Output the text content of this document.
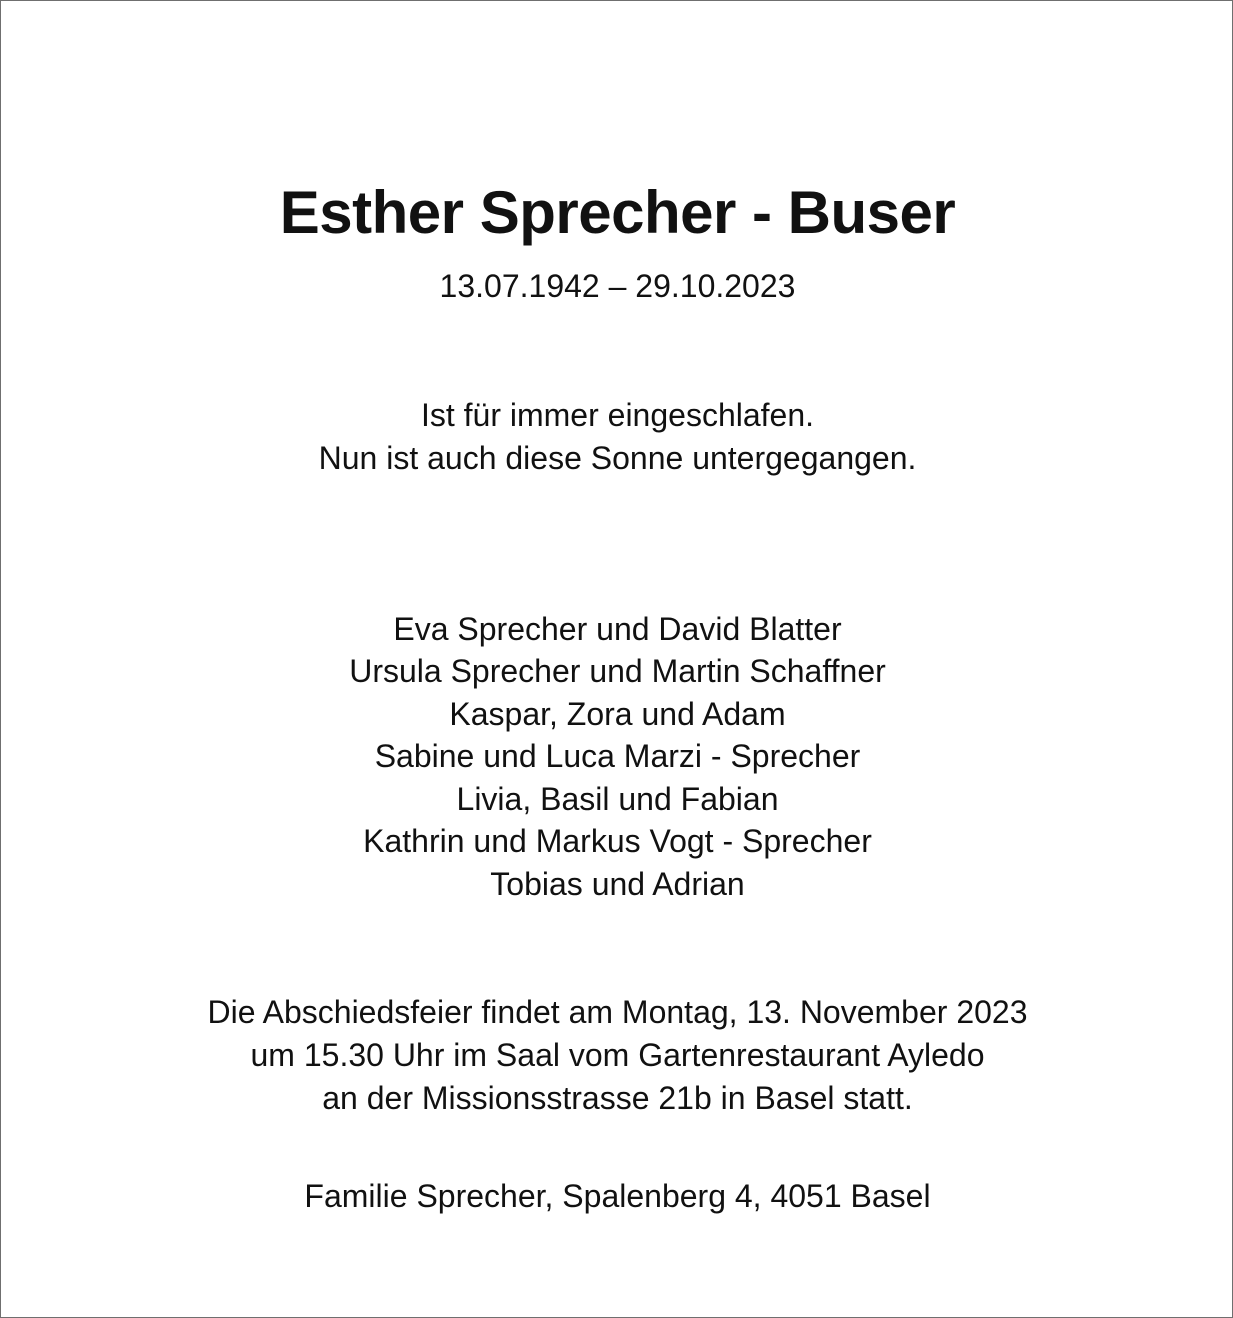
Esther Sprecher - Buser

13.07.1942 – 29.10.2023

Ist für immer eingeschlafen.

Nun ist auch diese Sonne untergegangen.

Eva Sprecher und David Blatter

Ursula Sprecher und Martin Schaffner

Kaspar, Zora und Adam

Sabine und Luca Marzi - Sprecher

Livia, Basil und Fabian

Kathrin und Markus Vogt - Sprecher

Tobias und Adrian

Die Abschiedsfeier findet am Montag, 13. November 2023

um 15.30 Uhr im Saal vom Gartenrestaurant Ayledo

an der Missionsstrasse 21b in Basel statt.

Familie Sprecher, Spalenberg 4, 4051 Basel
